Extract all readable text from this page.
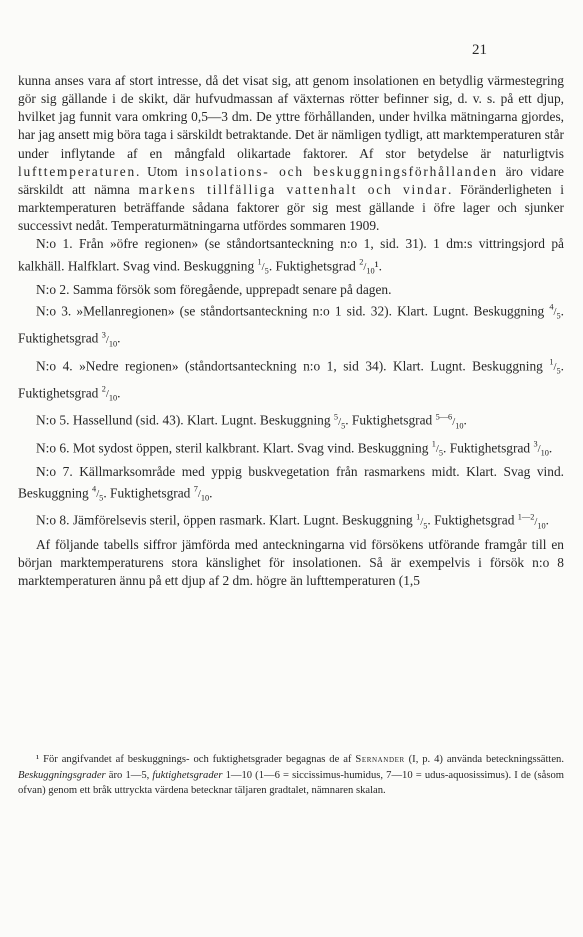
21

kunna anses vara af stort intresse, då det visat sig, att genom insolationen en betydlig värmestegring gör sig gällande i de skikt, där hufvudmassan af växternas rötter befinner sig, d. v. s. på ett djup, hvilket jag funnit vara omkring 0,5—3 dm. De yttre förhållanden, under hvilka mätningarna gjordes, har jag ansett mig böra taga i särskildt betraktande. Det är nämligen tydligt, att marktemperaturen står under inflytande af en mångfald olikartade faktorer. Af stor betydelse är naturligtvis lufttemperaturen. Utom insolations- och beskuggningsförhållanden äro vidare särskildt att nämna markens tillfälliga vattenhalt och vindar. Föränderligheten i marktemperaturen beträffande sådana faktorer gör sig mest gällande i öfre lager och sjunker successivt nedåt. Temperaturmätningarna utfördes sommaren 1909.

N:o 1. Från »öfre regionen» (se ståndortsanteckning n:o 1, sid. 31). 1 dm:s vittringsjord på kalkhäll. Halfklart. Svag vind. Beskuggning $^1/_5$. Fuktighetsgrad $^2/_{10}^1$.

N:o 2. Samma försök som föregående, upprepadt senare på dagen.

N:o 3. »Mellanregionen» (se ståndortsanteckning n:o 1 sid. 32). Klart. Lugnt. Beskuggning $^4/_5$. Fuktighetsgrad $^3/_{10}$.

N:o 4. »Nedre regionen» (ståndortsanteckning n:o 1, sid 34). Klart. Lugnt. Beskuggning $^1/_5$. Fuktighetsgrad $^2/_{10}$.

N:o 5. Hassellund (sid. 43). Klart. Lugnt. Beskuggning $^5/_5$. Fuktighetsgrad $^{5—6}/_{10}$.

N:o 6. Mot sydost öppen, steril kalkbrant. Klart. Svag vind. Beskuggning $^1/_5$. Fuktighetsgrad $^3/_{10}$.

N:o 7. Källmarksområde med yppig buskvegetation från rasmarkens midt. Klart. Svag vind. Beskuggning $^4/_5$. Fuktighetsgrad $^7/_{10}$.

N:o 8. Jämförelsevis steril, öppen rasmark. Klart. Lugnt. Beskuggning $^1/_5$. Fuktighetsgrad $^{1—2}/_{10}$.

Af följande tabells siffror jämförda med anteckningarna vid försökens utförande framgår till en början marktemperaturens stora känslighet för insolationen. Så är exempelvis i försök n:o 8 marktemperaturen ännu på ett djup af 2 dm. högre än lufttemperaturen (1,5

¹ För angifvandet af beskuggnings- och fuktighetsgrader begagnas de af Sernander (I, p. 4) använda beteckningssätten. Beskuggningsgrader äro 1—5, fuktighetsgrader 1—10 (1—6 = siccissimus-humidus, 7—10 = udus-aquosissimus). I de (såsom ofvan) genom ett bråk uttryckta värdena betecknar täljaren gradtalet, nämnaren skalan.
